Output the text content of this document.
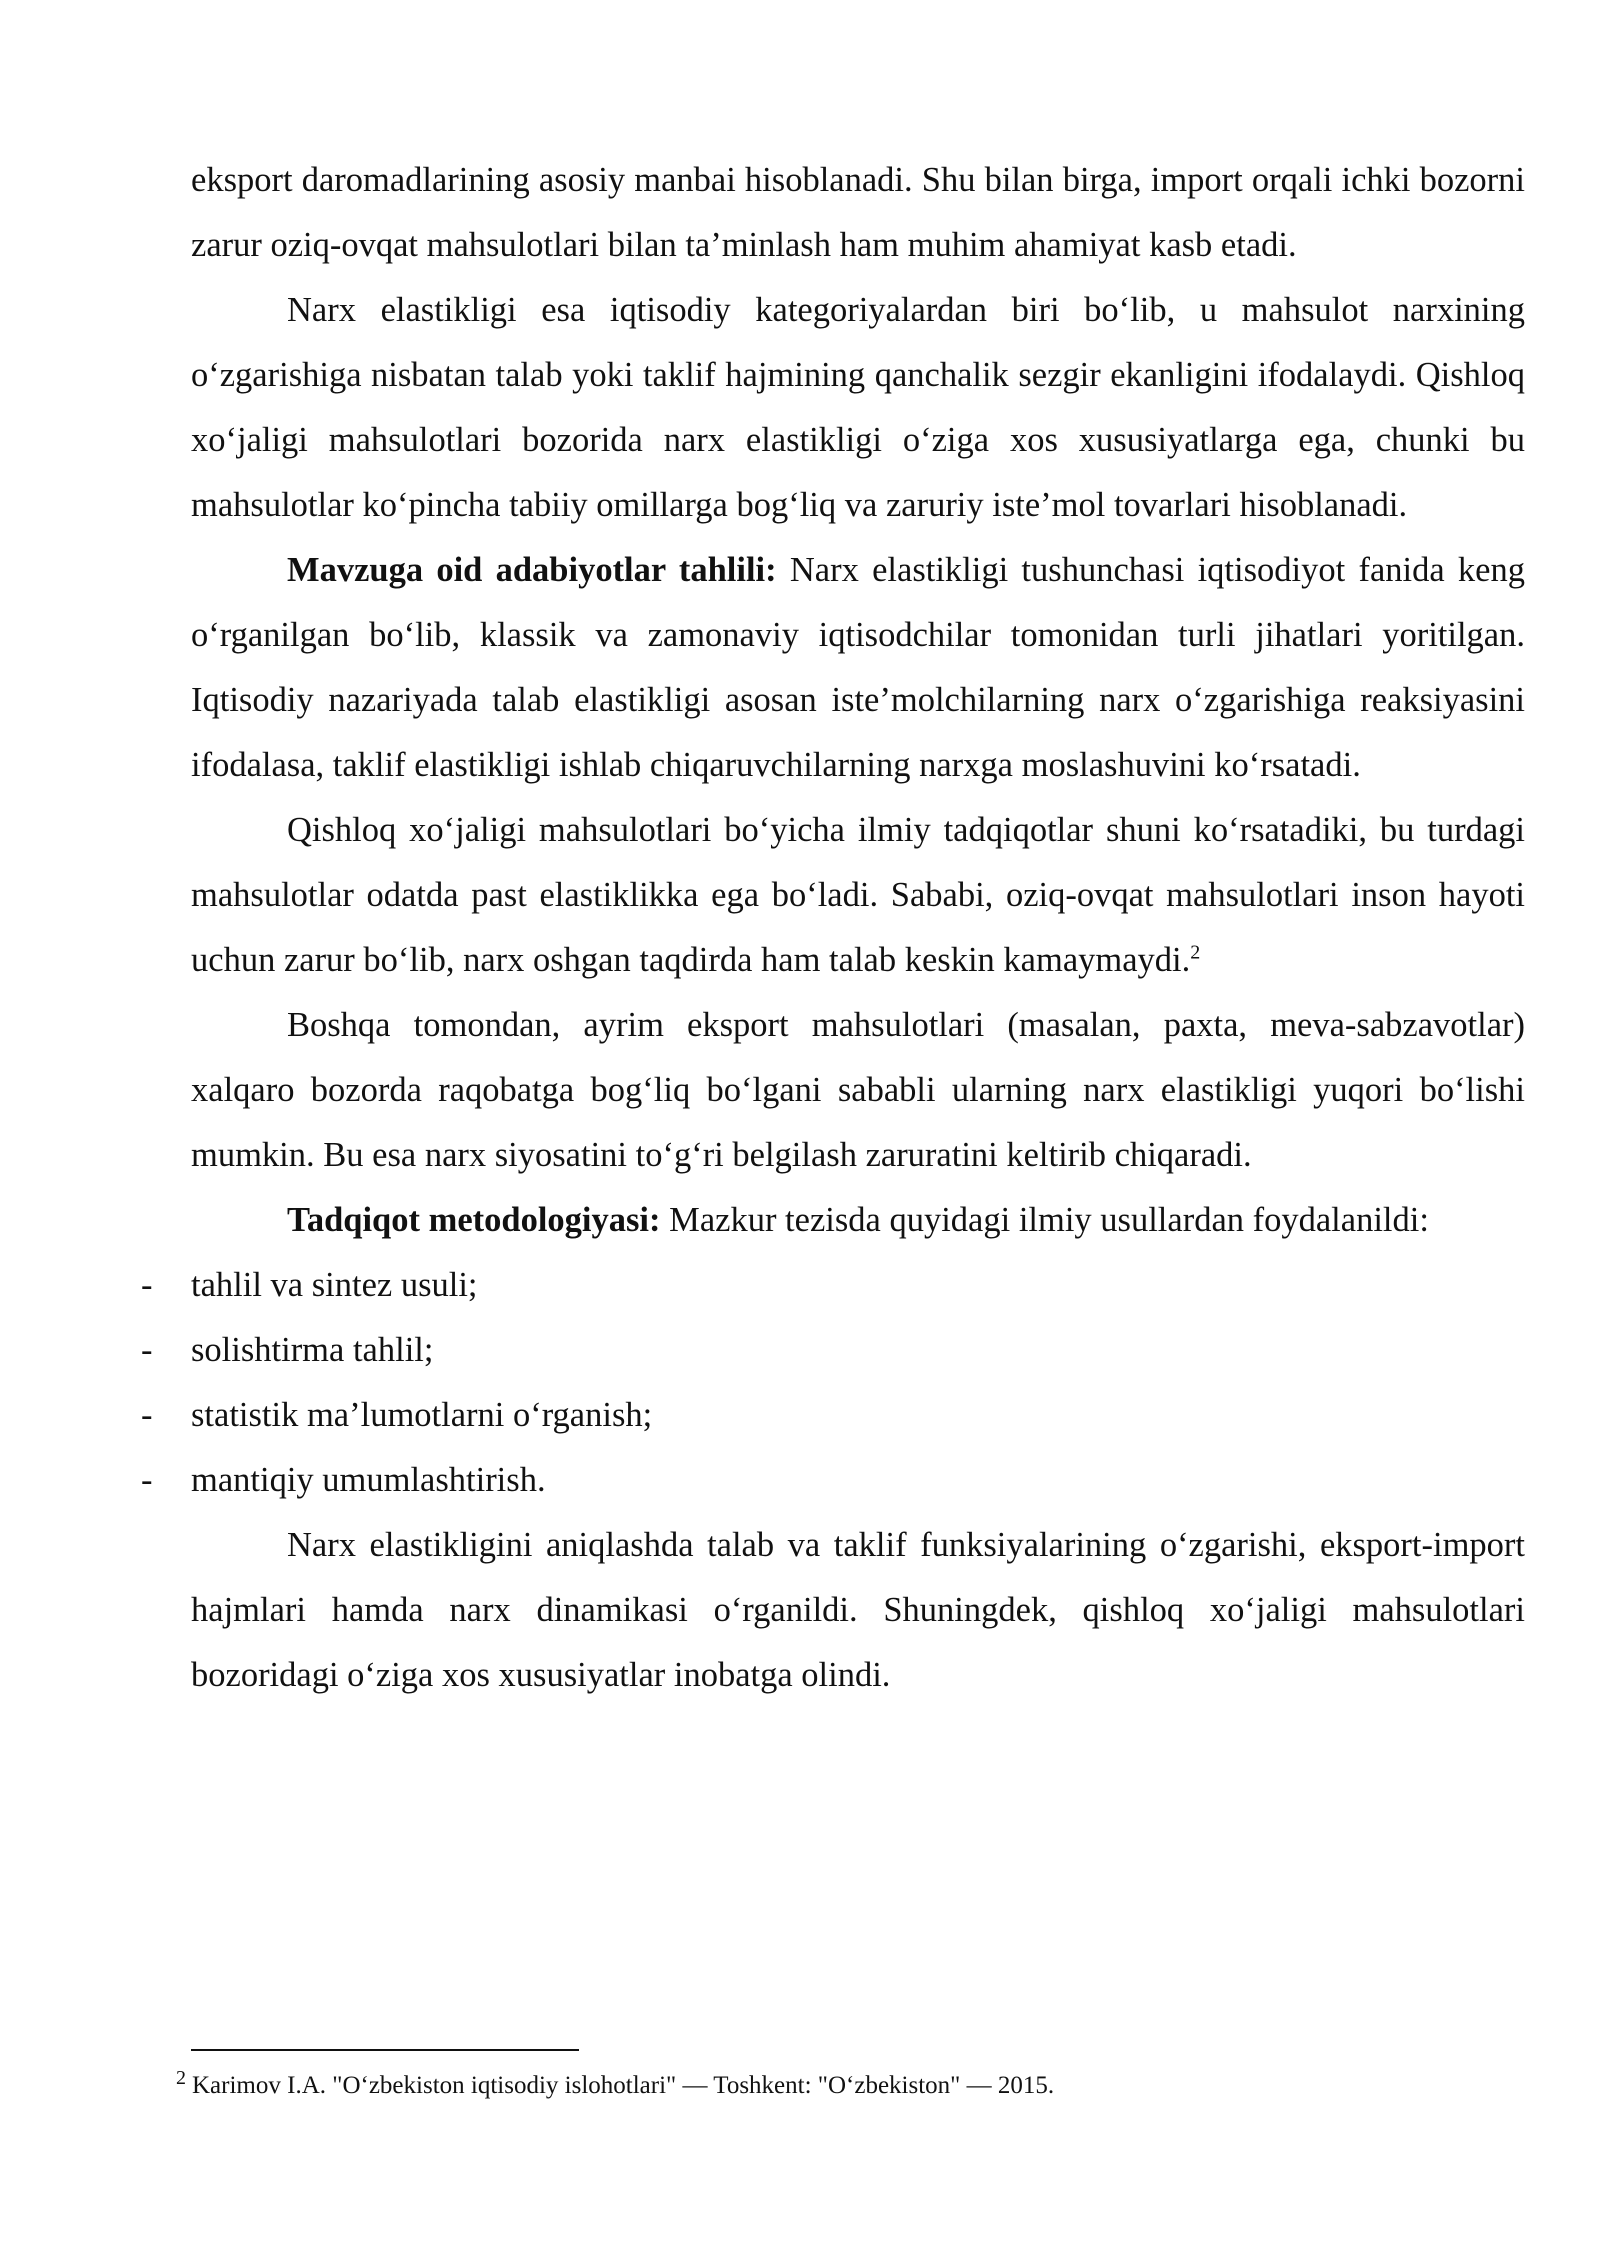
eksport daromadlarining asosiy manbai hisoblanadi. Shu bilan birga, import orqali ichki bozorni zarur oziq-ovqat mahsulotlari bilan ta’minlash ham muhim ahamiyat kasb etadi.

Narx elastikligi esa iqtisodiy kategoriyalardan biri bo‘lib, u mahsulot narxining o‘zgarishiga nisbatan talab yoki taklif hajmining qanchalik sezgir ekanligini ifodalaydi. Qishloq xo‘jaligi mahsulotlari bozorida narx elastikligi o‘ziga xos xususiyatlarga ega, chunki bu mahsulotlar ko‘pincha tabiiy omillarga bog‘liq va zaruriy iste’mol tovarlari hisoblanadi.

Mavzuga oid adabiyotlar tahlili: Narx elastikligi tushunchasi iqtisodiyot fanida keng o‘rganilgan bo‘lib, klassik va zamonaviy iqtisodchilar tomonidan turli jihatlari yoritilgan. Iqtisodiy nazariyada talab elastikligi asosan iste’molchilarning narx o‘zgarishiga reaksiyasini ifodalasa, taklif elastikligi ishlab chiqaruvchilarning narxga moslashuvini ko‘rsatadi.

Qishloq xo‘jaligi mahsulotlari bo‘yicha ilmiy tadqiqotlar shuni ko‘rsatadiki, bu turdagi mahsulotlar odatda past elastiklikka ega bo‘ladi. Sababi, oziq-ovqat mahsulotlari inson hayoti uchun zarur bo‘lib, narx oshgan taqdirda ham talab keskin kamaymaydi.$^2$

Boshqa tomondan, ayrim eksport mahsulotlari (masalan, paxta, meva-sabzavotlar) xalqaro bozorda raqobatga bog‘liq bo‘lgani sababli ularning narx elastikligi yuqori bo‘lishi mumkin. Bu esa narx siyosatini to‘g‘ri belgilash zaruratini keltirib chiqaradi.

Tadqiqot metodologiyasi: Mazkur tezisda quyidagi ilmiy usullardan foydalanildi:

- tahlil va sintez usuli;
- solishtirma tahlil;
- statistik ma’lumotlarni o‘rganish;
- mantiqiy umumlashtirish.

Narx elastikligini aniqlashda talab va taklif funksiyalarining o‘zgarishi, eksport-import hajmlari hamda narx dinamikasi o‘rganildi. Shuningdek, qishloq xo‘jaligi mahsulotlari bozoridagi o‘ziga xos xususiyatlar inobatga olindi.

$^2$ Karimov I.A. "O‘zbekiston iqtisodiy islohotlari" — Toshkent: "O‘zbekiston" — 2015.
